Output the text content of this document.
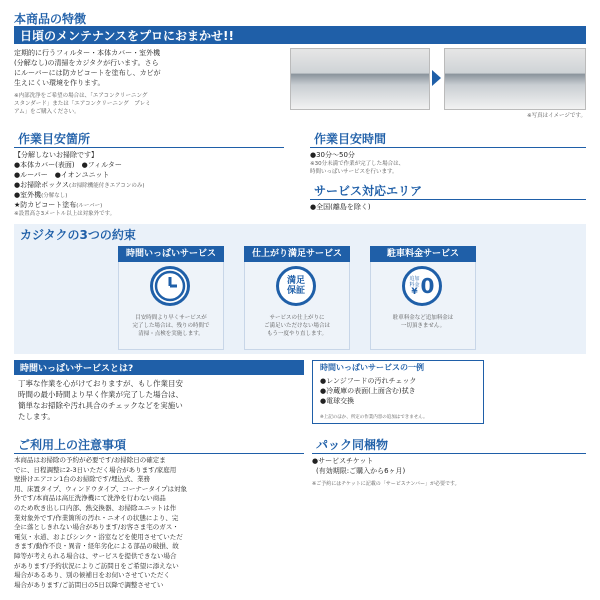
本商品の特徴
日頃のメンテナンスをプロにおまかせ!!
定期的に行うフィルター・本体カバー・室外機
(分解なし)の清掃をカジタクが行います。さら
にルーバーには防カビコートを塗布し、カビが
生えにくい環境を作ります。
※内部洗浄をご希望の場合は、「エアコンクリーニング
スタンダード」または「エアコンクリーニング　プレミ
アム」をご購入ください。
※写真はイメージです。
作業目安箇所
【分解しないお掃除です】
●本体カバー(表面)　●フィルター
●ルーバー　●イオンユニット
●お掃除ボックス(お掃除機能付きエアコンのみ)
●室外機(分解なし)
★防カビコート塗布(ルーバー)
※設置高さ3メートル以上は対象外です。
作業目安時間
●30分～50分
※30分未満で作業が完了した場合は、
時間いっぱいサービスを行います。
サービス対応エリア
●全国(離島を除く)
カジタクの3つの約束
時間いっぱいサービス
目安時間より早くサービスが
完了した場合は、残りの時間で
清掃・点検を実施します。
仕上がり満足サービス
満足
保証
サービスの仕上がりに
ご満足いただけない場合は
もう一度やり直します。
駐車料金サービス
追加
料金
¥ 0
駐車料金など追加料金は
一切頂きません。
時間いっぱいサービスとは?
丁寧な作業を心がけておりますが、もし作業目安
時間の最小時間より早く作業が完了した場合は、
簡単なお掃除や汚れ具合のチェックなどを実施い
たします。
時間いっぱいサービスの一例
●レンジフードの汚れチェック
●冷蔵庫の表面(上面含む)拭き
●電球交換
※上記のほか、所定の作業内容の追加はできません。
ご利用上の注意事項
本商品はお掃除の予約が必要です/お掃除日の確定ま
でに、日程調整に2-3日いただく場合があります/家庭用
壁掛けエアコン1台のお掃除です/埋込式、業務
用、床置タイプ、ウィンドウタイプ、コーナータイプは対象
外です/本商品は高圧洗浄機にて洗浄を行わない商品
のため吹き出し口内部、熱交換器、お掃除ユニットは作
業対象外です/作業箇所の汚れ・ニオイの状態により、完
全に落としきれない場合があります/お客さま宅のガス・
電気・水道、およびシンク・浴室などを使用させていただ
きます/動作不良・異音・経年劣化による部品の破損、故
障等が考えられる場合は、サービスを提供できない場合
があります/予約状況によりご訪問日をご希望に添えない
場合があるあり、別の候補日をお伺いさせていただく
場合があります/ご訪問日の5日以降で調整させてい
パック同梱物
●サービスチケット
(有効期限:ご購入から6ヶ月)
※ご予約にはチケットに記載の「サービスナンバー」が必要です。
